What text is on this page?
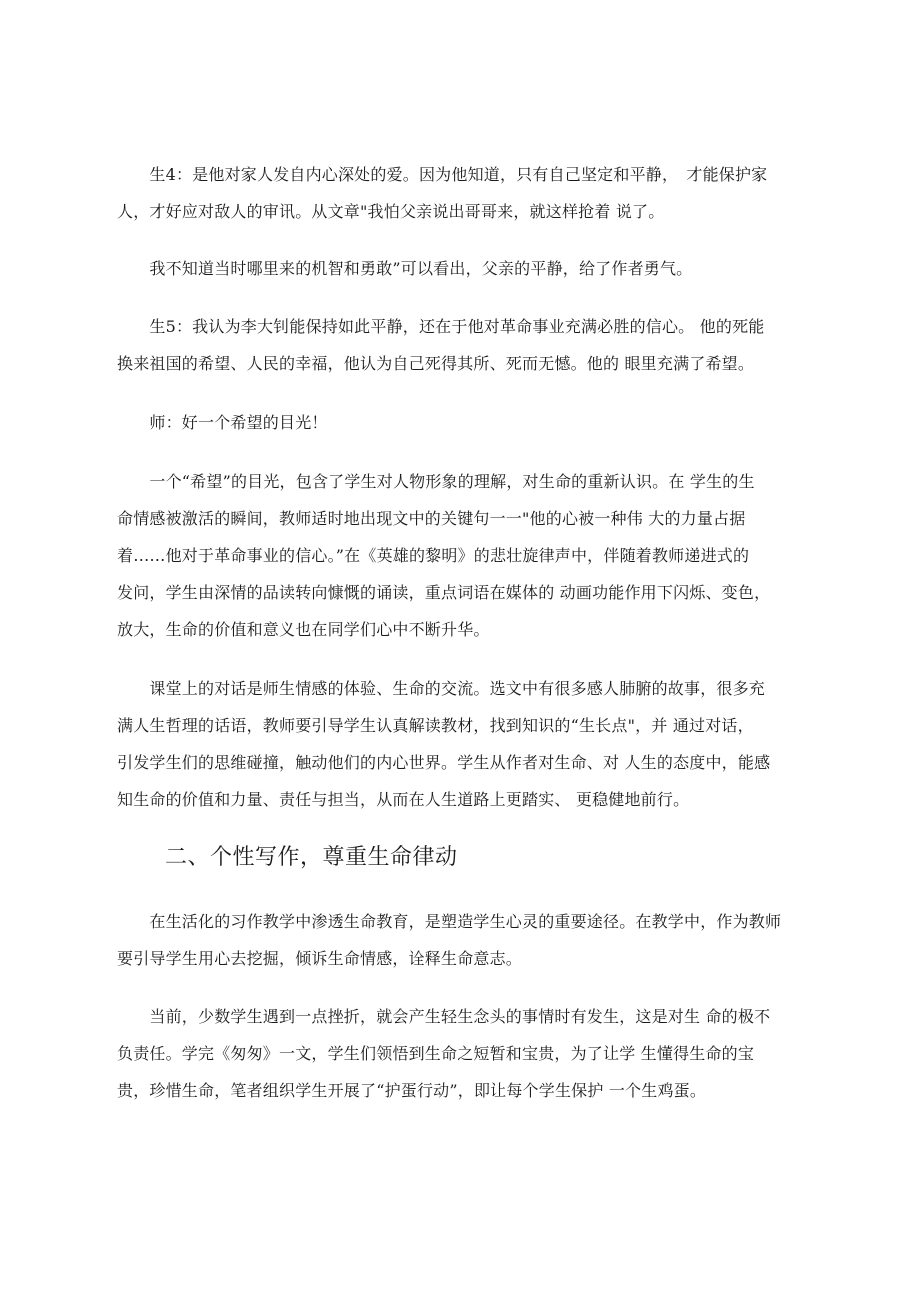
　　生4：是他对家人发自内心深处的爱。因为他知道，只有自己坚定和平静，　才能保护家
人，才好应对敌人的审讯。从文章"我怕父亲说出哥哥来，就这样抢着 说了。

　　我不知道当时哪里来的机智和勇敢”可以看出，父亲的平静，给了作者勇气。

　　生5：我认为李大钊能保持如此平静，还在于他对革命事业充满必胜的信心。 他的死能
换来祖国的希望、人民的幸福，他认为自己死得其所、死而无憾。他的 眼里充满了希望。

　　师：好一个希望的目光！

　　一个“希望”的目光，包含了学生对人物形象的理解，对生命的重新认识。在 学生的生
命情感被激活的瞬间，教师适时地出现文中的关键句一一"他的心被一种伟 大的力量占据
着……他对于革命事业的信心。”在《英雄的黎明》的悲壮旋律声中，伴随着教师递进式的
发问，学生由深情的品读转向慷慨的诵读，重点词语在媒体的 动画功能作用下闪烁、变色，
放大，生命的价值和意义也在同学们心中不断升华。

　　课堂上的对话是师生情感的体验、生命的交流。选文中有很多感人肺腑的故事，很多充
满人生哲理的话语，教师要引导学生认真解读教材，找到知识的“生长点"，并 通过对话，
引发学生们的思维碰撞，触动他们的内心世界。学生从作者对生命、对 人生的态度中，能感
知生命的价值和力量、责任与担当，从而在人生道路上更踏实、 更稳健地前行。

二、个性写作，尊重生命律动

　　在生活化的习作教学中渗透生命教育，是塑造学生心灵的重要途径。在教学中，作为教师
要引导学生用心去挖掘，倾诉生命情感，诠释生命意志。

　　当前，少数学生遇到一点挫折，就会产生轻生念头的事情时有发生，这是对生 命的极不
负责任。学完《匆匆》一文，学生们领悟到生命之短暂和宝贵，为了让学 生懂得生命的宝
贵，珍惜生命，笔者组织学生开展了“护蛋行动”，即让每个学生保护 一个生鸡蛋。
